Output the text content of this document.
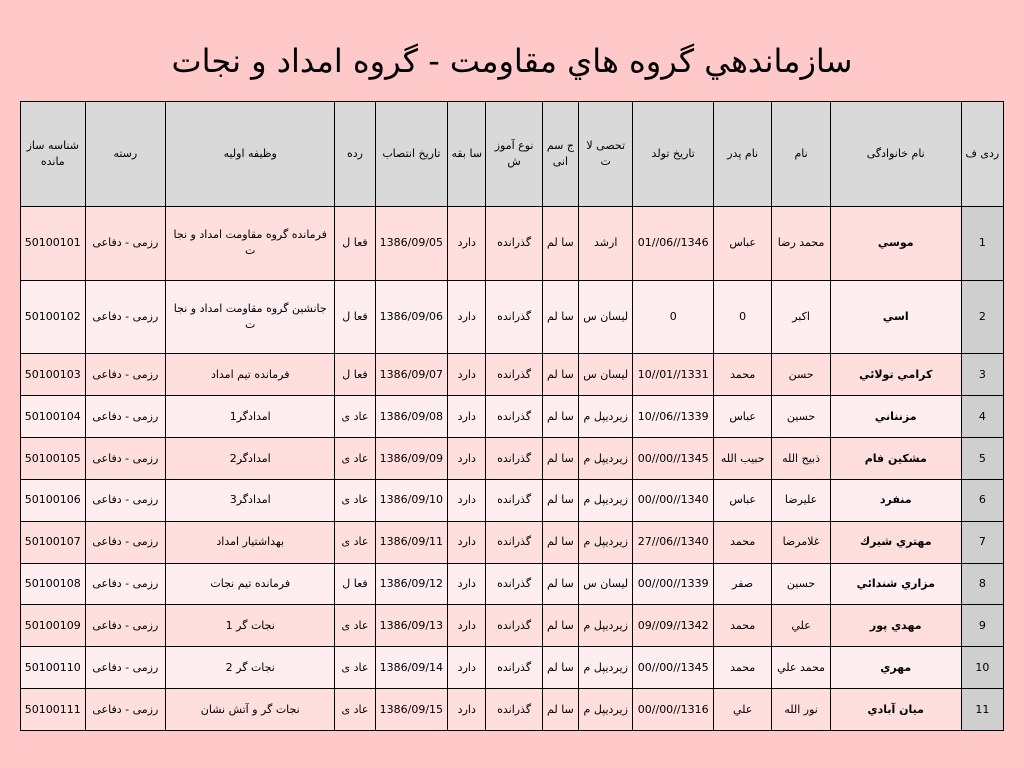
سازماندهي گروه هاي مقاومت - گروه امداد و نجات
ردی ف	نام خانوادگی	نام	نام پدر	تاریخ تولد	تحصی لات	ج سم انی	نوع آموزش	سا بقه	تاریخ انتصاب	رده	وظیفه اولیه	رسته	شناسه سازمانده
1	موسي	محمد رضا	عباس	1346//06//01	ارشد	سا لم	گذرانده	دارد	1386/09/05	فعا ل	فرمانده گروه مقاومت امداد و نجات	رزمی - دفاعی	50100101
2	اسي	اکبر	0	0	لیسان س	سا لم	گذرانده	دارد	1386/09/06	فعا ل	جانشین گروه مقاومت امداد و نجات	رزمی - دفاعی	50100102
3	کرامي تولائي	حسن	محمد	1331//01//10	لیسان س	سا لم	گذرانده	دارد	1386/09/07	فعا ل	فرمانده تیم امداد	رزمی - دفاعی	50100103
4	مزنناني	حسین	عباس	1339//06//10	زیردیپل م	سا لم	گذرانده	دارد	1386/09/08	عاد ی	امدادگر1	رزمی - دفاعی	50100104
5	مشکین فام	ذبیح الله	حبیب الله	1345//00//00	زیردیپل م	سا لم	گذرانده	دارد	1386/09/09	عاد ی	امدادگر2	رزمی - دفاعی	50100105
6	منفرد	علیرضا	عباس	1340//00//00	زیردیپل م	سا لم	گذرانده	دارد	1386/09/10	عاد ی	امدادگر3	رزمی - دفاعی	50100106
7	مهتري شيرك	غلامرضا	محمد	1340//06//27	زیردیپل م	سا لم	گذرانده	دارد	1386/09/11	عاد ی	بهداشتیار امداد	رزمی - دفاعی	50100107
8	مزاري شندائي	حسین	صفر	1339//00//00	لیسان س	سا لم	گذرانده	دارد	1386/09/12	فعا ل	فرمانده تیم نجات	رزمی - دفاعی	50100108
9	مهدي پور	علي	محمد	1342//09//09	زیردیپل م	سا لم	گذرانده	دارد	1386/09/13	عاد ی	نجات گر 1	رزمی - دفاعی	50100109
10	مهري	محمد علي	محمد	1345//00//00	زیردیپل م	سا لم	گذرانده	دارد	1386/09/14	عاد ی	نجات گر 2	رزمی - دفاعی	50100110
11	میان آبادي	نور الله	علي	1316//00//00	زیردیپل م	سا لم	گذرانده	دارد	1386/09/15	عاد ی	نجات گر و آتش نشان	رزمی - دفاعی	50100111
